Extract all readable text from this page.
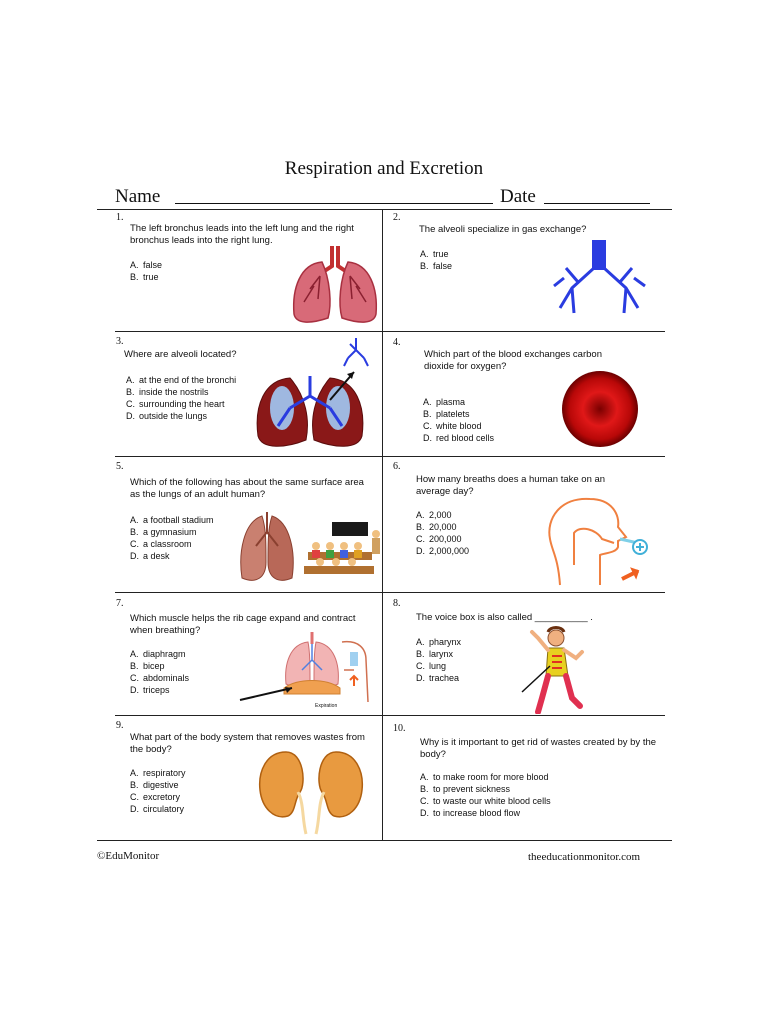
Respiration and Excretion
Name	Date
1.
The left bronchus leads into the left lung and the right bronchus leads into the right lung.
A. false
B. true
2.
The alveoli specialize in gas exchange?
A. true
B. false
3.
Where are alveoli located?
A. at the end of the bronchi
B. inside the nostrils
C. surrounding the heart
D. outside the lungs
4.
Which part of the blood exchanges carbon dioxide for oxygen?
A. plasma
B. platelets
C. white blood
D. red blood cells
5.
Which of the following has about the same surface area as the lungs of an adult human?
A. a football stadium
B. a gymnasium
C. a classroom
D. a desk
6.
How many breaths does a human take on an average day?
A. 2,000
B. 20,000
C. 200,000
D. 2,000,000
7.
Which muscle helps the rib cage expand and contract when breathing?
A. diaphragm
B. bicep
C. abdominals
D. triceps
Expiration
8.
The voice box is also called __________ .
A. pharynx
B. larynx
C. lung
D. trachea
9.
What part of the body system that removes wastes from the body?
A. respiratory
B. digestive
C. excretory
D. circulatory
10.
Why is it important to get rid of wastes created by by the body?
A. to make room for more blood
B. to prevent sickness
C. to waste our white blood cells
D. to increase blood flow
©EduMonitor	theeducationmonitor.com
